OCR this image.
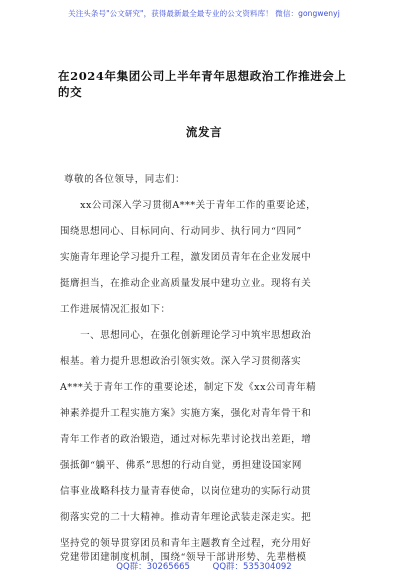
关注头条号"公文研究"，获得最新最全最专业的公文资料库！ 微信：gongwenyj
在2024年集团公司上半年青年思想政治工作推进会上的交
流发言
尊敬的各位领导，同志们：
　　xx公司深入学习贯彻A***关于青年工作的重要论述，
围绕思想同心、目标同向、行动同步、执行同力“四同”
实施青年理论学习提升工程，激发团员青年在企业发展中
挺膺担当，在推动企业高质量发展中建功立业。现将有关
工作进展情况汇报如下：
　　一、思想同心，在强化创新理论学习中筑牢思想政治
根基。着力提升思想政治引领实效。深入学习贯彻落实
A***关于青年工作的重要论述，制定下发《xx公司青年精
神素养提升工程实施方案》实施方案，强化对青年骨干和
青年工作者的政治锻造，通过对标先辈讨论找出差距，增
强抵御“躺平、佛系”思想的行动自觉，勇担建设国家网
信事业战略科技力量青春使命，以岗位建功的实际行动贯
彻落实党的二十大精神。推动青年理论武装走深走实。把
坚持党的领导贯穿团员和青年主题教育全过程，充分用好
党建带团建制度机制，围绕“领导干部讲形势、先辈楷模
QQ群：30265665	QQ群：535304092
